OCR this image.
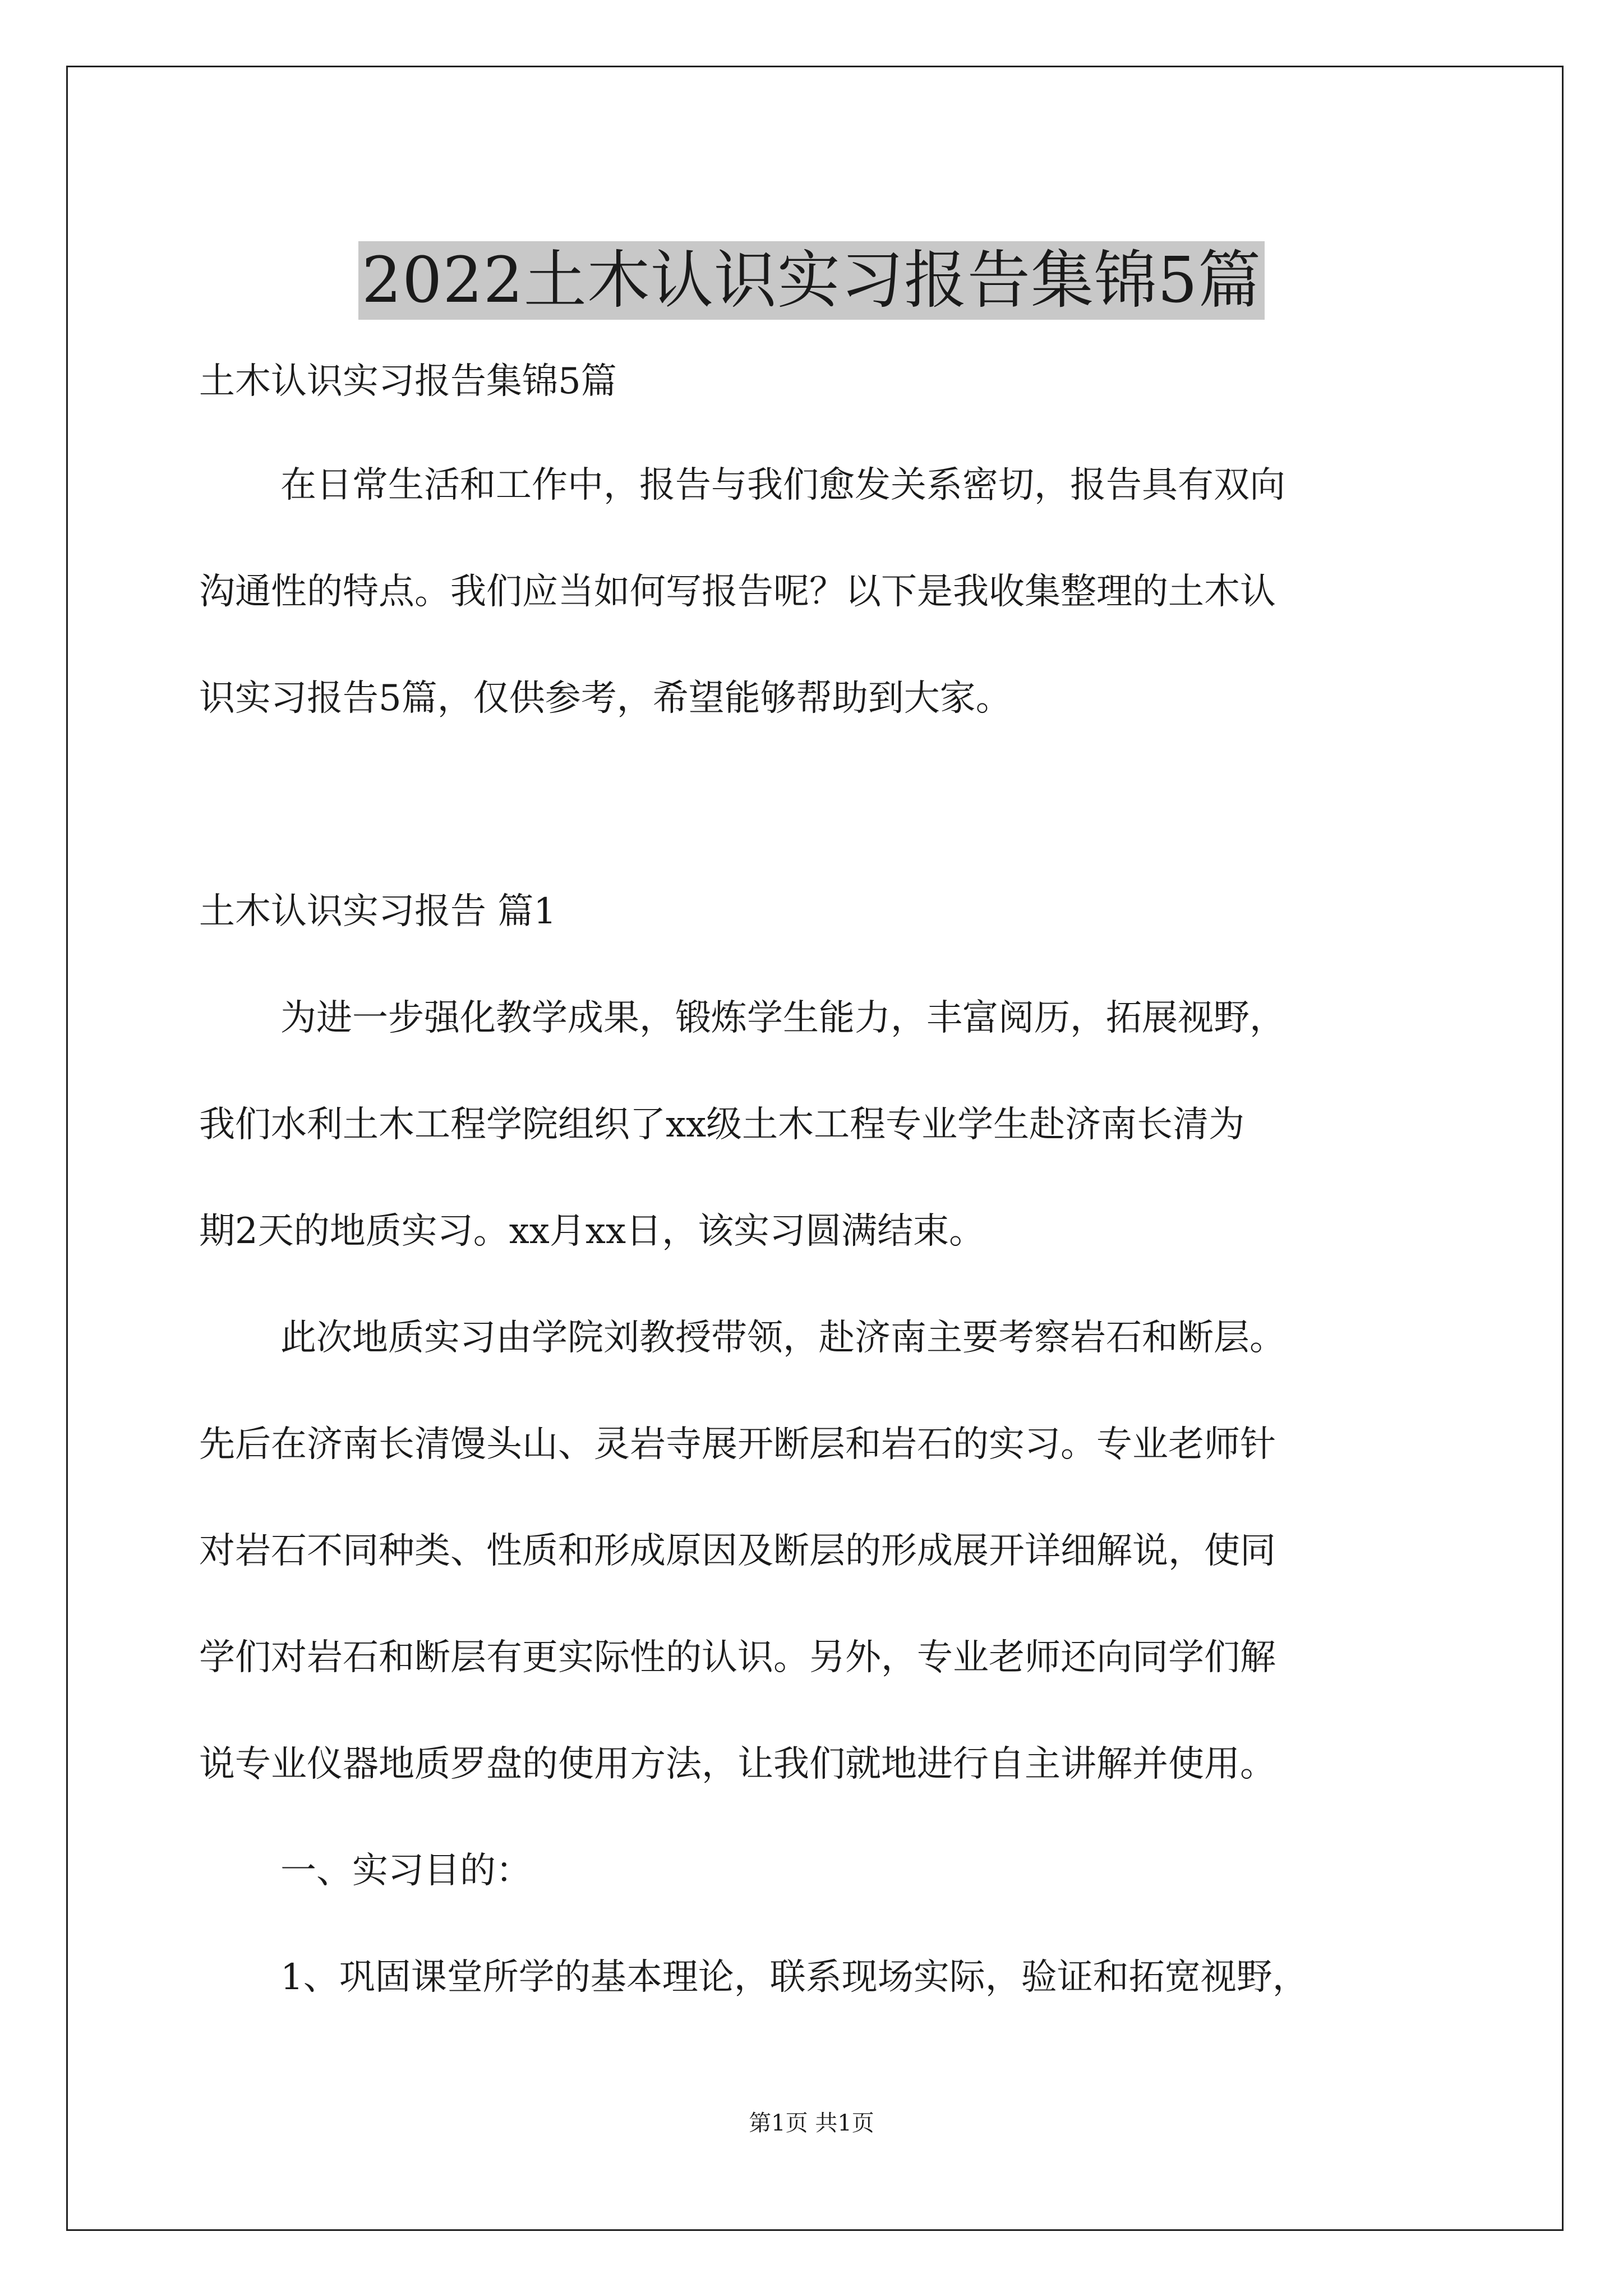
2022土木认识实习报告集锦5篇
土木认识实习报告集锦5篇
在日常生活和工作中，报告与我们愈发关系密切，报告具有双向
沟通性的特点。我们应当如何写报告呢？以下是我收集整理的土木认
识实习报告5篇，仅供参考，希望能够帮助到大家。
土木认识实习报告 篇1
为进一步强化教学成果，锻炼学生能力，丰富阅历，拓展视野，
我们水利土木工程学院组织了xx级土木工程专业学生赴济南长清为
期2天的地质实习。xx月xx日，该实习圆满结束。
此次地质实习由学院刘教授带领，赴济南主要考察岩石和断层。
先后在济南长清馒头山、灵岩寺展开断层和岩石的实习。专业老师针
对岩石不同种类、性质和形成原因及断层的形成展开详细解说，使同
学们对岩石和断层有更实际性的认识。另外，专业老师还向同学们解
说专业仪器地质罗盘的使用方法，让我们就地进行自主讲解并使用。
一、实习目的：
1、巩固课堂所学的基本理论，联系现场实际，验证和拓宽视野，
第1页 共1页
